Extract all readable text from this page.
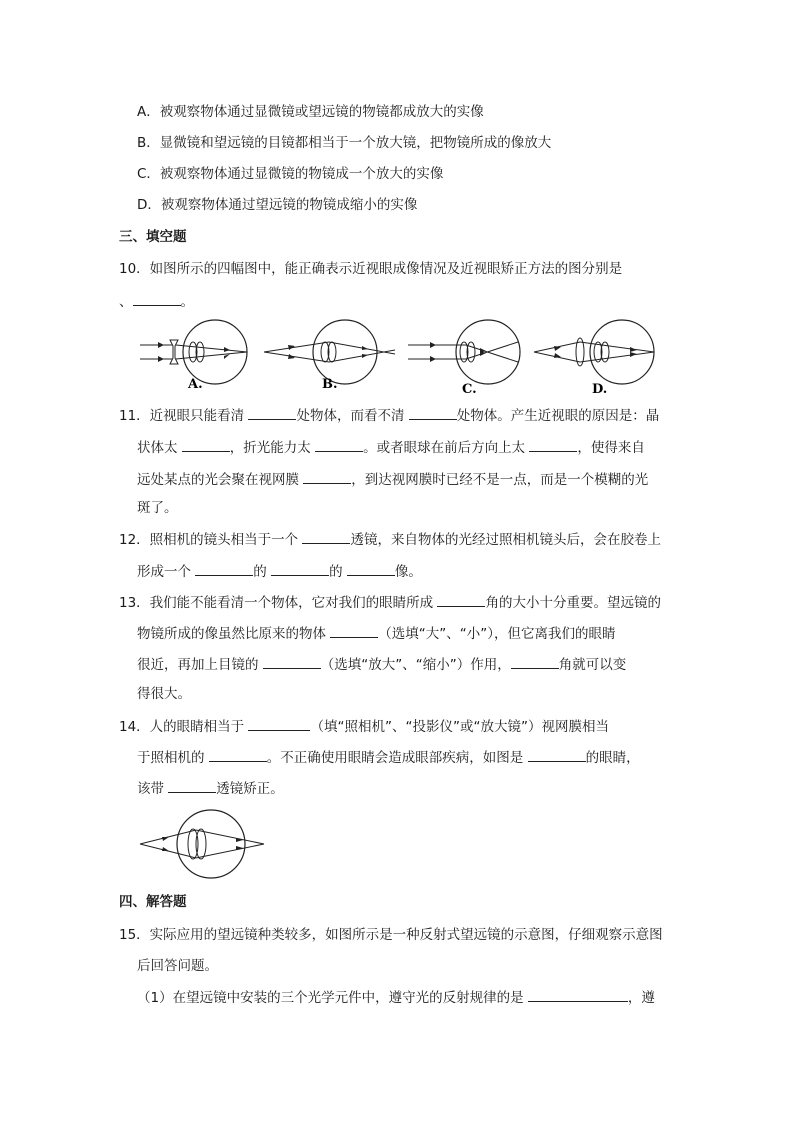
A．被观察物体通过显微镜或望远镜的物镜都成放大的实像
B．显微镜和望远镜的目镜都相当于一个放大镜，把物镜所成的像放大
C．被观察物体通过显微镜的物镜成一个放大的实像
D．被观察物体通过望远镜的物镜成缩小的实像
三、填空题
10．如图所示的四幅图中，能正确表示近视眼成像情况及近视眼矫正方法的图分别是
、	。
A.	B.	C.	D.
11．近视眼只能看清	处物体，而看不清	处物体。产生近视眼的原因是：晶
状体太	，折光能力太	。或者眼球在前后方向上太	，使得来自
远处某点的光会聚在视网膜	，到达视网膜时已经不是一点，而是一个模糊的光
斑了。
12．照相机的镜头相当于一个	透镜，来自物体的光经过照相机镜头后，会在胶卷上
形成一个	的	的	像。
13．我们能不能看清一个物体，它对我们的眼睛所成	角的大小十分重要。望远镜的
物镜所成的像虽然比原来的物体	（选填“大”、“小”），但它离我们的眼睛
很近，再加上目镜的	（选填“放大”、“缩小”）作用，	角就可以变
得很大。
14．人的眼睛相当于	（填“照相机”、“投影仪”或“放大镜”）视网膜相当
于照相机的	。不正确使用眼睛会造成眼部疾病，如图是	的眼睛，
该带	透镜矫正。
四、解答题
15．实际应用的望远镜种类较多，如图所示是一种反射式望远镜的示意图，仔细观察示意图
后回答问题。
（1）在望远镜中安装的三个光学元件中，遵守光的反射规律的是	，遵
